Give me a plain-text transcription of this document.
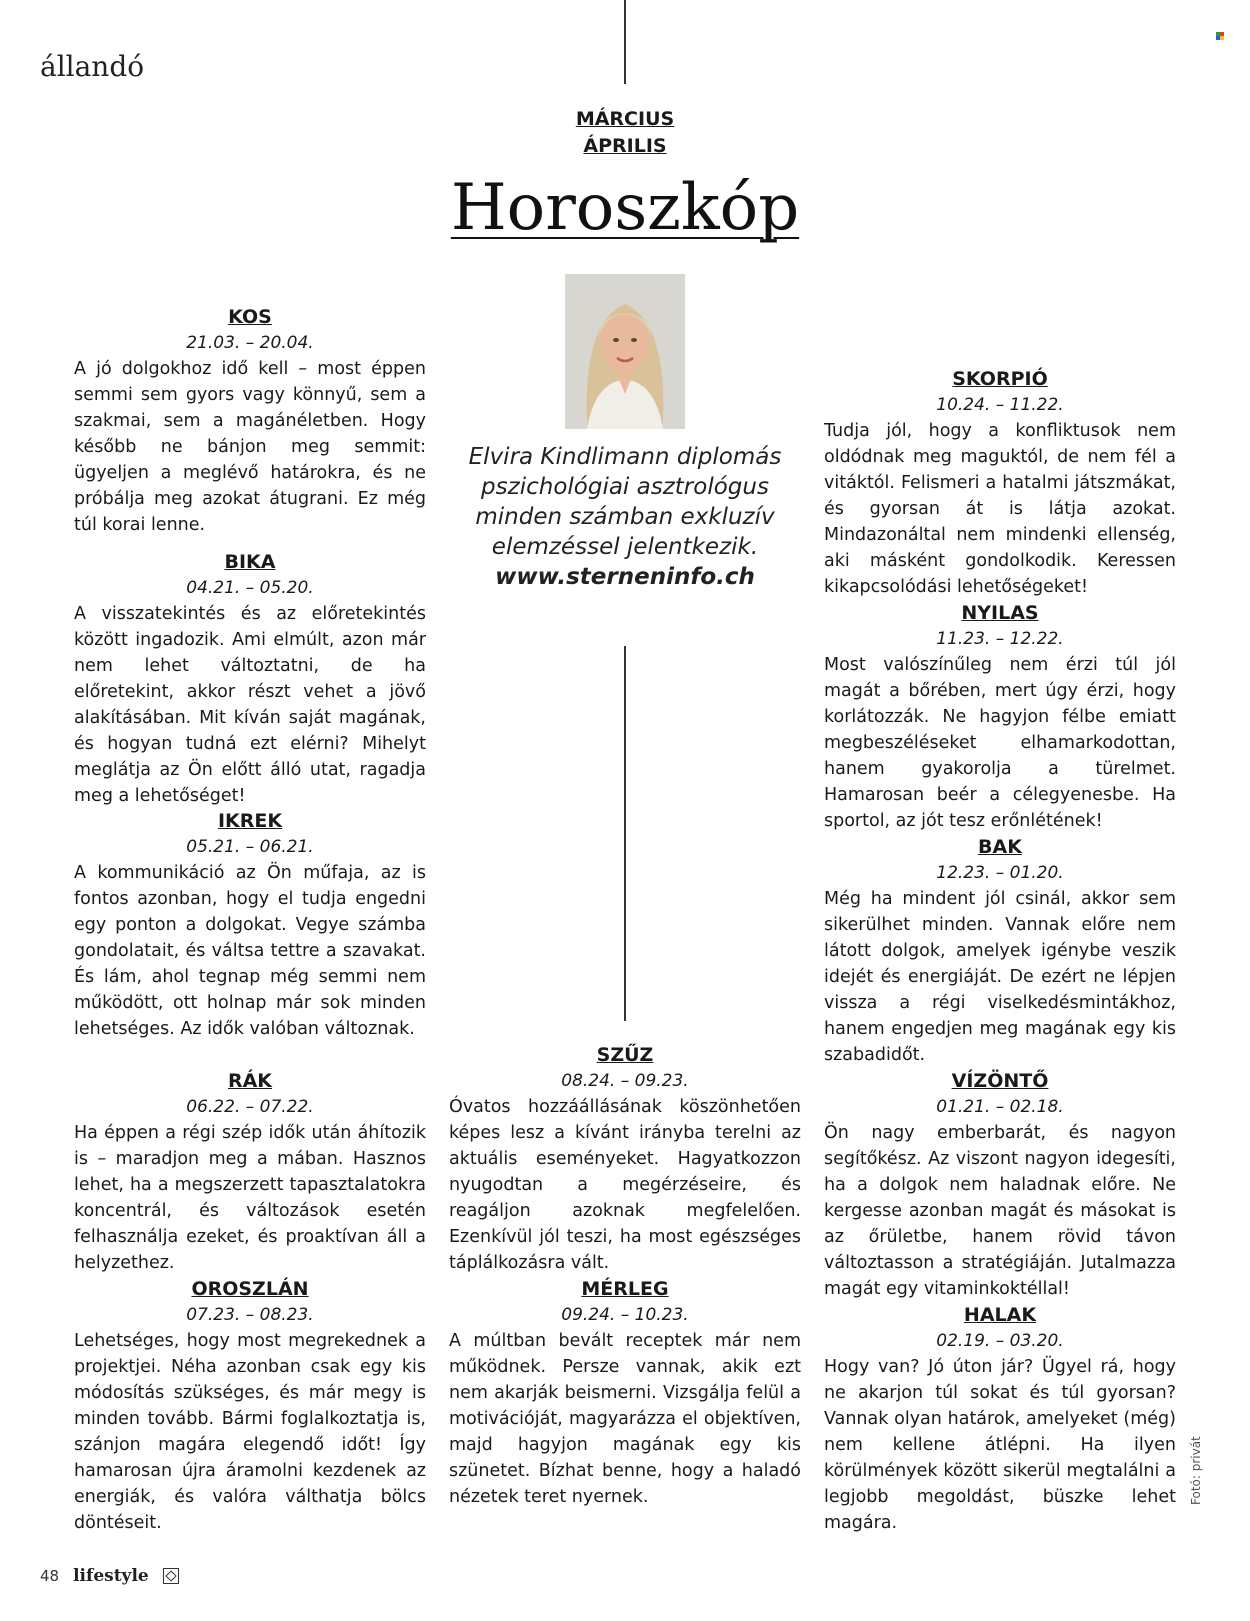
állandó
MÁRCIUS
ÁPRILIS
Horoszkóp
Elvira Kindlimann diplomás pszichológiai asztrológus minden számban exkluzív elemzéssel jelentkezik.
www.sterneninfo.ch
KOS
21.03. – 20.04.
A jó dolgokhoz idő kell – most éppen semmi sem gyors vagy könnyű, sem a szakmai, sem a magánéletben. Hogy később ne bánjon meg semmit: ügyeljen a meglévő határokra, és ne próbálja meg azokat átugrani. Ez még túl korai lenne.
BIKA
04.21. – 05.20.
A visszatekintés és az előretekintés között ingadozik. Ami elmúlt, azon már nem lehet változtatni, de ha előretekint, akkor részt vehet a jövő alakításában. Mit kíván saját magának, és hogyan tudná ezt elérni? Mihelyt meglátja az Ön előtt álló utat, ragadja meg a lehetőséget!
IKREK
05.21. – 06.21.
A kommunikáció az Ön műfaja, az is fontos azonban, hogy el tudja engedni egy ponton a dolgokat. Vegye számba gondolatait, és váltsa tettre a szavakat. És lám, ahol tegnap még semmi nem működött, ott holnap már sok minden lehetséges. Az idők valóban változnak.
RÁK
06.22. – 07.22.
Ha éppen a régi szép idők után áhítozik is – maradjon meg a mában. Hasznos lehet, ha a megszerzett tapasztalatokra koncentrál, és változások esetén felhasználja ezeket, és proaktívan áll a helyzethez.
OROSZLÁN
07.23. – 08.23.
Lehetséges, hogy most megrekednek a projektjei. Néha azonban csak egy kis módosítás szükséges, és már megy is minden tovább. Bármi foglalkoztatja is, szánjon magára elegendő időt! Így hamarosan újra áramolni kezdenek az energiák, és valóra válthatja bölcs döntéseit.
SZŰZ
08.24. – 09.23.
Óvatos hozzáállásának köszönhetően képes lesz a kívánt irányba terelni az aktuális eseményeket. Hagyatkozzon nyugodtan a megérzéseire, és reagáljon azoknak megfelelően. Ezenkívül jól teszi, ha most egészséges táplálkozásra vált.
MÉRLEG
09.24. – 10.23.
A múltban bevált receptek már nem működnek. Persze vannak, akik ezt nem akarják beismerni. Vizsgálja felül a motivációját, magyarázza el objektíven, majd hagyjon magának egy kis szünetet. Bízhat benne, hogy a haladó nézetek teret nyernek.
SKORPIÓ
10.24. – 11.22.
Tudja jól, hogy a konfliktusok nem oldódnak meg maguktól, de nem fél a vitáktól. Felismeri a hatalmi játszmákat, és gyorsan át is látja azokat. Mindazonáltal nem mindenki ellenség, aki másként gondolkodik. Keressen kikapcsolódási lehetőségeket!
NYILAS
11.23. – 12.22.
Most valószínűleg nem érzi túl jól magát a bőrében, mert úgy érzi, hogy korlátozzák. Ne hagyjon félbe emiatt megbeszéléseket elhamarkodottan, hanem gyakorolja a türelmet. Hamarosan beér a célegyenesbe. Ha sportol, az jót tesz erőnlétének!
BAK
12.23. – 01.20.
Még ha mindent jól csinál, akkor sem sikerülhet minden. Vannak előre nem látott dolgok, amelyek igénybe veszik idejét és energiáját. De ezért ne lépjen vissza a régi viselkedésmintákhoz, hanem engedjen meg magának egy kis szabadidőt.
VÍZÖNTŐ
01.21. – 02.18.
Ön nagy emberbarát, és nagyon segítőkész. Az viszont nagyon idegesíti, ha a dolgok nem haladnak előre. Ne kergesse azonban magát és másokat is az őrületbe, hanem rövid távon változtasson a stratégiáján. Jutalmazza magát egy vitaminkoktéllal!
HALAK
02.19. – 03.20.
Hogy van? Jó úton jár? Ügyel rá, hogy ne akarjon túl sokat és túl gyorsan? Vannak olyan határok, amelyeket (még) nem kellene átlépni. Ha ilyen körülmények között sikerül megtalálni a legjobb megoldást, büszke lehet magára.
Fotó: privát
48 lifestyle
